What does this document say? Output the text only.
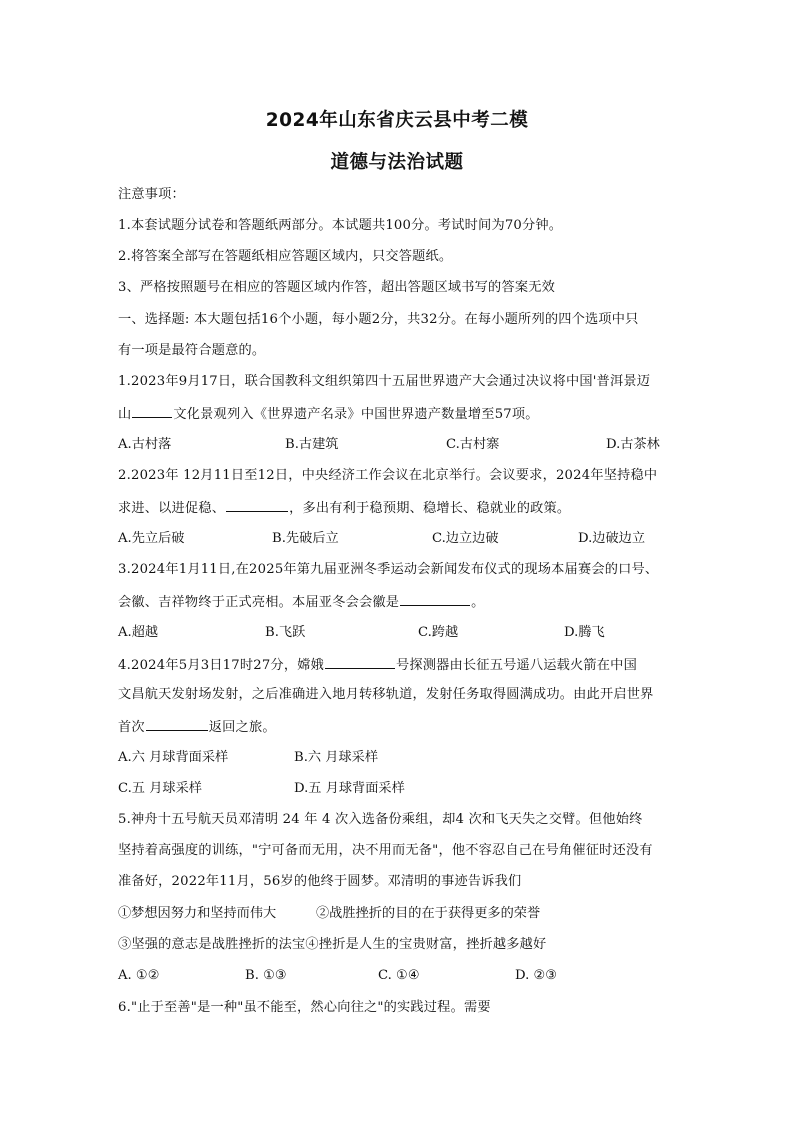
2024年山东省庆云县中考二模
道德与法治试题
注意事项：
1.本套试题分试卷和答题纸两部分。本试题共100分。考试时间为70分钟。
2.将答案全部写在答题纸相应答题区域内，只交答题纸。
3、严格按照题号在相应的答题区域内作答，超出答题区域书写的答案无效
一、选择题: 本大题包括16个小题，每小题2分，共32分。在每小题所列的四个选项中只
有一项是最符合题意的。
1.2023年9月17日，联合国教科文组织第四十五届世界遗产大会通过决议将中国'普洱景迈
山	文化景观列入《世界遗产名录》中国世界遗产数量增至57项。
A.古村落	B.古建筑	C.古村寨	D.古茶林
2.2023年 12月11日至12日，中央经济工作会议在北京举行。会议要求，2024年坚持稳中
求进、以进促稳、	，多出有利于稳预期、稳增长、稳就业的政策。
A.先立后破	B.先破后立	C.边立边破	D.边破边立
3.2024年1月11日,在2025年第九届亚洲冬季运动会新闻发布仪式的现场本届赛会的口号、
会徽、吉祥物终于正式亮相。本届亚冬会会徽是	。
A.超越	B.飞跃	C.跨越	D.腾飞
4.2024年5月3日17时27分，嫦娥	号探测器由长征五号遥八运载火箭在中国
文昌航天发射场发射，之后准确进入地月转移轨道，发射任务取得圆满成功。由此开启世界
首次	返回之旅。
A.六 月球背面采样	B.六 月球采样
C.五 月球采样	D.五 月球背面采样
5.神舟十五号航天员邓清明 24 年 4 次入选备份乘组，却4 次和飞天失之交臂。但他始终
坚持着高强度的训练，"宁可备而无用，决不用而无备"，他不容忍自己在号角催征时还没有
准备好，2022年11月，56岁的他终于圆梦。邓清明的事迹告诉我们
①梦想因努力和坚持而伟大	②战胜挫折的目的在于获得更多的荣誉
③坚强的意志是战胜挫折的法宝④挫折是人生的宝贵财富，挫折越多越好
A. ①②	B. ①③	C. ①④	D. ②③
6."止于至善"是一种"虽不能至，然心向往之"的实践过程。需要
